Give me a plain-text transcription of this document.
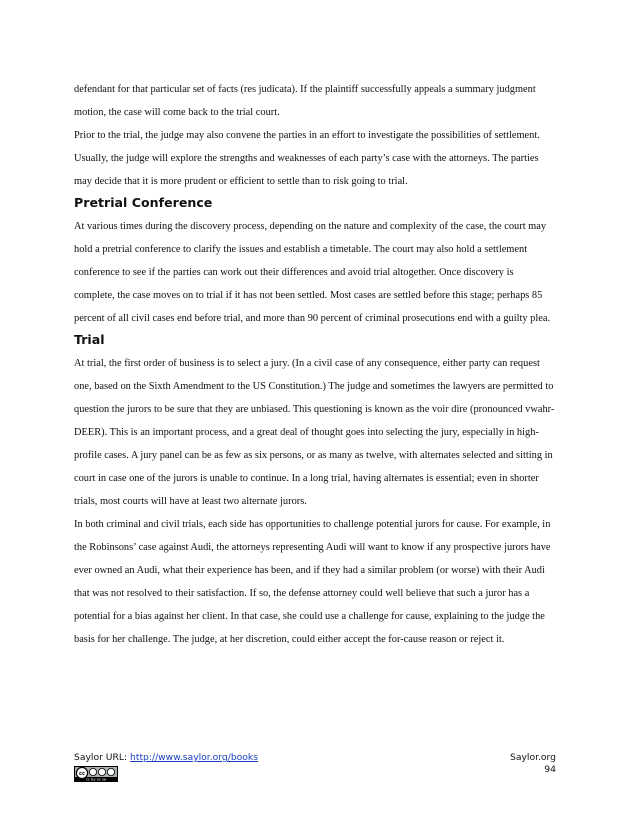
defendant for that particular set of facts (res judicata). If the plaintiff successfully appeals a summary judgment motion, the case will come back to the trial court.

Prior to the trial, the judge may also convene the parties in an effort to investigate the possibilities of settlement. Usually, the judge will explore the strengths and weaknesses of each party’s case with the attorneys. The parties may decide that it is more prudent or efficient to settle than to risk going to trial.

Pretrial Conference

At various times during the discovery process, depending on the nature and complexity of the case, the court may hold a pretrial conference to clarify the issues and establish a timetable. The court may also hold a settlement conference to see if the parties can work out their differences and avoid trial altogether. Once discovery is complete, the case moves on to trial if it has not been settled. Most cases are settled before this stage; perhaps 85 percent of all civil cases end before trial, and more than 90 percent of criminal prosecutions end with a guilty plea.

Trial

At trial, the first order of business is to select a jury. (In a civil case of any consequence, either party can request one, based on the Sixth Amendment to the US Constitution.) The judge and sometimes the lawyers are permitted to question the jurors to be sure that they are unbiased. This questioning is known as the voir dire (pronounced vwahr-DEER). This is an important process, and a great deal of thought goes into selecting the jury, especially in high-profile cases. A jury panel can be as few as six persons, or as many as twelve, with alternates selected and sitting in court in case one of the jurors is unable to continue. In a long trial, having alternates is essential; even in shorter trials, most courts will have at least two alternate jurors.

In both criminal and civil trials, each side has opportunities to challenge potential jurors for cause. For example, in the Robinsons’ case against Audi, the attorneys representing Audi will want to know if any prospective jurors have ever owned an Audi, what their experience has been, and if they had a similar problem (or worse) with their Audi that was not resolved to their satisfaction. If so, the defense attorney could well believe that such a juror has a potential for a bias against her client. In that case, she could use a challenge for cause, explaining to the judge the basis for her challenge. The judge, at her discretion, could either accept the for-cause reason or reject it.

Saylor URL: http://www.saylor.org/books	Saylor.org
94
cc
cc by nc sa
